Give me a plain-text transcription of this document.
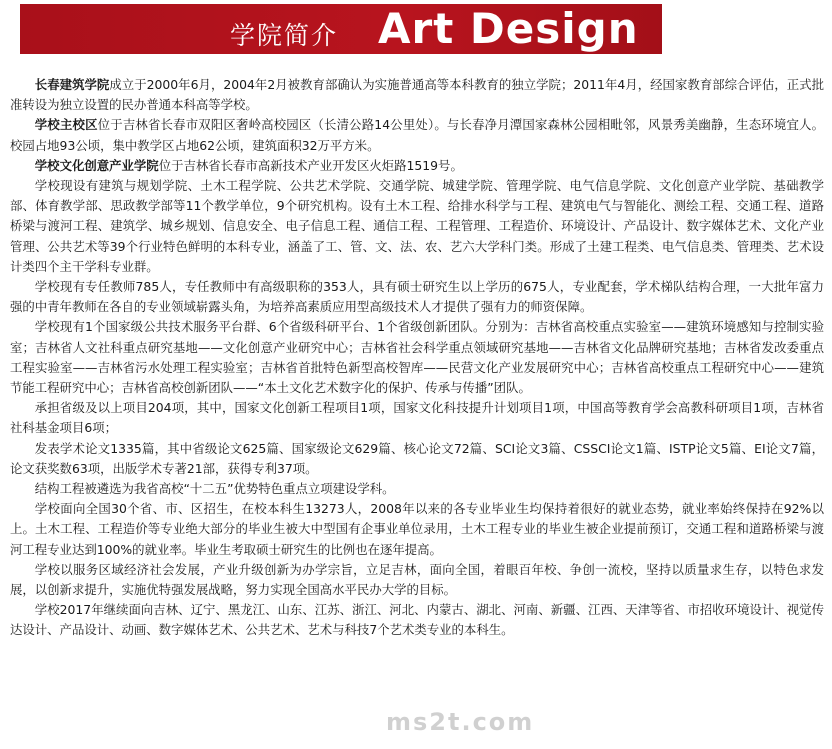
学院简介 Art Design

长春建筑学院成立于2000年6月，2004年2月被教育部确认为实施普通高等本科教育的独立学院；2011年4月，经国家教育部综合评估，正式批准转设为独立设置的民办普通本科高等学校。

学校主校区位于吉林省长春市双阳区奢岭高校园区（长清公路14公里处）。与长春净月潭国家森林公园相毗邻，风景秀美幽静，生态环境宜人。校园占地93公顷，集中教学区占地62公顷，建筑面积32万平方米。

学校文化创意产业学院位于吉林省长春市高新技术产业开发区火炬路1519号。

学校现设有建筑与规划学院、土木工程学院、公共艺术学院、交通学院、城建学院、管理学院、电气信息学院、文化创意产业学院、基础教学部、体育教学部、思政教学部等11个教学单位，9个研究机构。设有土木工程、给排水科学与工程、建筑电气与智能化、测绘工程、交通工程、道路桥梁与渡河工程、建筑学、城乡规划、信息安全、电子信息工程、通信工程、工程管理、工程造价、环境设计、产品设计、数字媒体艺术、文化产业管理、公共艺术等39个行业特色鲜明的本科专业，涵盖了工、管、文、法、农、艺六大学科门类。形成了土建工程类、电气信息类、管理类、艺术设计类四个主干学科专业群。

学校现有专任教师785人，专任教师中有高级职称的353人，具有硕士研究生以上学历的675人，专业配套，学术梯队结构合理，一大批年富力强的中青年教师在各自的专业领域崭露头角，为培养高素质应用型高级技术人才提供了强有力的师资保障。

学校现有1个国家级公共技术服务平台群、6个省级科研平台、1个省级创新团队。分别为：吉林省高校重点实验室——建筑环境感知与控制实验室；吉林省人文社科重点研究基地——文化创意产业研究中心；吉林省社会科学重点领域研究基地——吉林省文化品牌研究基地；吉林省发改委重点工程实验室——吉林省污水处理工程实验室；吉林省首批特色新型高校智库——民营文化产业发展研究中心；吉林省高校重点工程研究中心——建筑节能工程研究中心；吉林省高校创新团队——“本土文化艺术数字化的保护、传承与传播”团队。

承担省级及以上项目204项，其中，国家文化创新工程项目1项，国家文化科技提升计划项目1项，中国高等教育学会高教科研项目1项，吉林省社科基金项目6项；

发表学术论文1335篇，其中省级论文625篇、国家级论文629篇、核心论文72篇、SCI论文3篇、CSSCI论文1篇、ISTP论文5篇、EI论文7篇，论文获奖数63项，出版学术专著21部，获得专利37项。

结构工程被遴选为我省高校“十二五”优势特色重点立项建设学科。

学校面向全国30个省、市、区招生，在校本科生13273人，2008年以来的各专业毕业生均保持着很好的就业态势，就业率始终保持在92%以上。土木工程、工程造价等专业绝大部分的毕业生被大中型国有企事业单位录用，土木工程专业的毕业生被企业提前预订，交通工程和道路桥梁与渡河工程专业达到100%的就业率。毕业生考取硕士研究生的比例也在逐年提高。

学校以服务区域经济社会发展，产业升级创新为办学宗旨，立足吉林，面向全国，着眼百年校、争创一流校，坚持以质量求生存，以特色求发展，以创新求提升，实施优特强发展战略，努力实现全国高水平民办大学的目标。

学校2017年继续面向吉林、辽宁、黑龙江、山东、江苏、浙江、河北、内蒙古、湖北、河南、新疆、江西、天津等省、市招收环境设计、视觉传达设计、产品设计、动画、数字媒体艺术、公共艺术、艺术与科技7个艺术类专业的本科生。

ms2t.com
